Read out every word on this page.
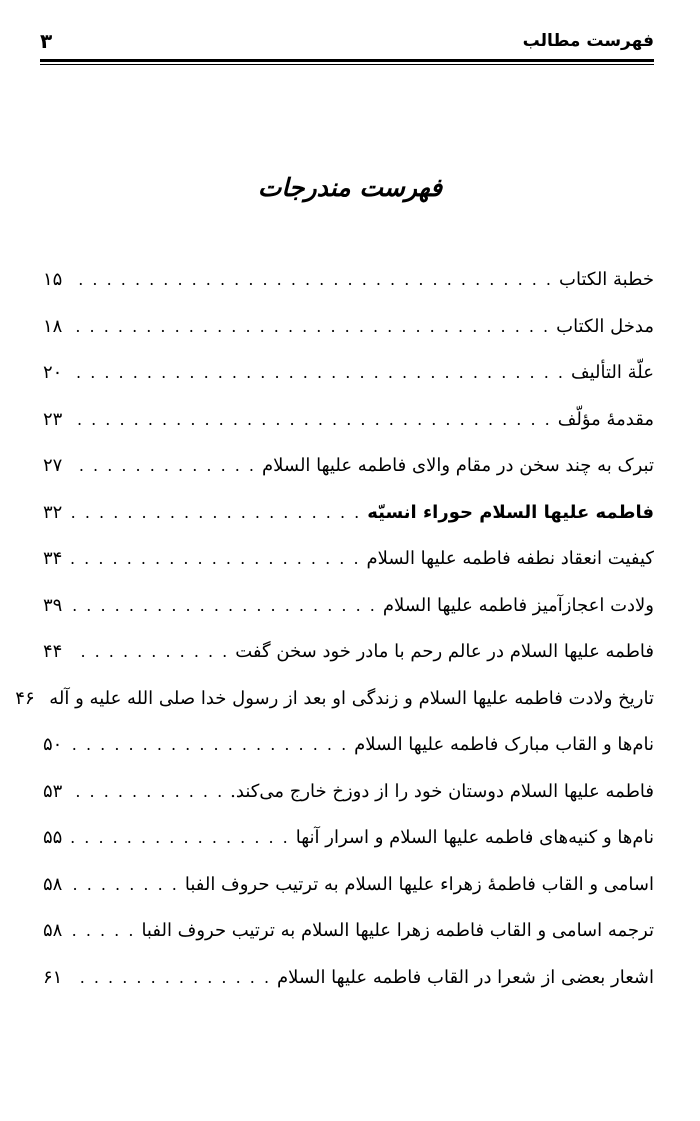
فهرست مطالب
۳
فهرست مندرجات
خطبة الکتاب
. . .
۱۵
مدخل الکتاب
. . .
۱۸
علّة التألیف
. . .
۲۰
مقدمهٔ مؤلّف
. . .
۲۳
تبرک به چند سخن در مقام والای فاطمه علیها السلام
. . .
۲۷
فاطمه علیها السلام حوراء انسیّه
. . .
۳۲
کیفیت انعقاد نطفه فاطمه علیها السلام
. . .
۳۴
ولادت اعجازآمیز فاطمه علیها السلام
. . .
۳۹
فاطمه علیها السلام در عالم رحم با مادر خود سخن گفت
. . .
۴۴
تاریخ ولادت فاطمه علیها السلام و زندگی او بعد از رسول خدا صلی الله علیه و آله
۴۶
نام‌ها و القاب مبارک فاطمه علیها السلام
. . .
۵۰
فاطمه علیها السلام دوستان خود را از دوزخ خارج می‌کند.
. . .
۵۳
نام‌ها و کنیه‌های فاطمه علیها السلام و اسرار آنها
. . .
۵۵
اسامی و القاب فاطمهٔ زهراء علیها السلام به ترتیب حروف الفبا
. . .
۵۸
ترجمه اسامی و القاب فاطمه زهرا علیها السلام به ترتیب حروف الفبا
. . .
۵۸
اشعار بعضی از شعرا در القاب فاطمه علیها السلام
. . .
۶۱
